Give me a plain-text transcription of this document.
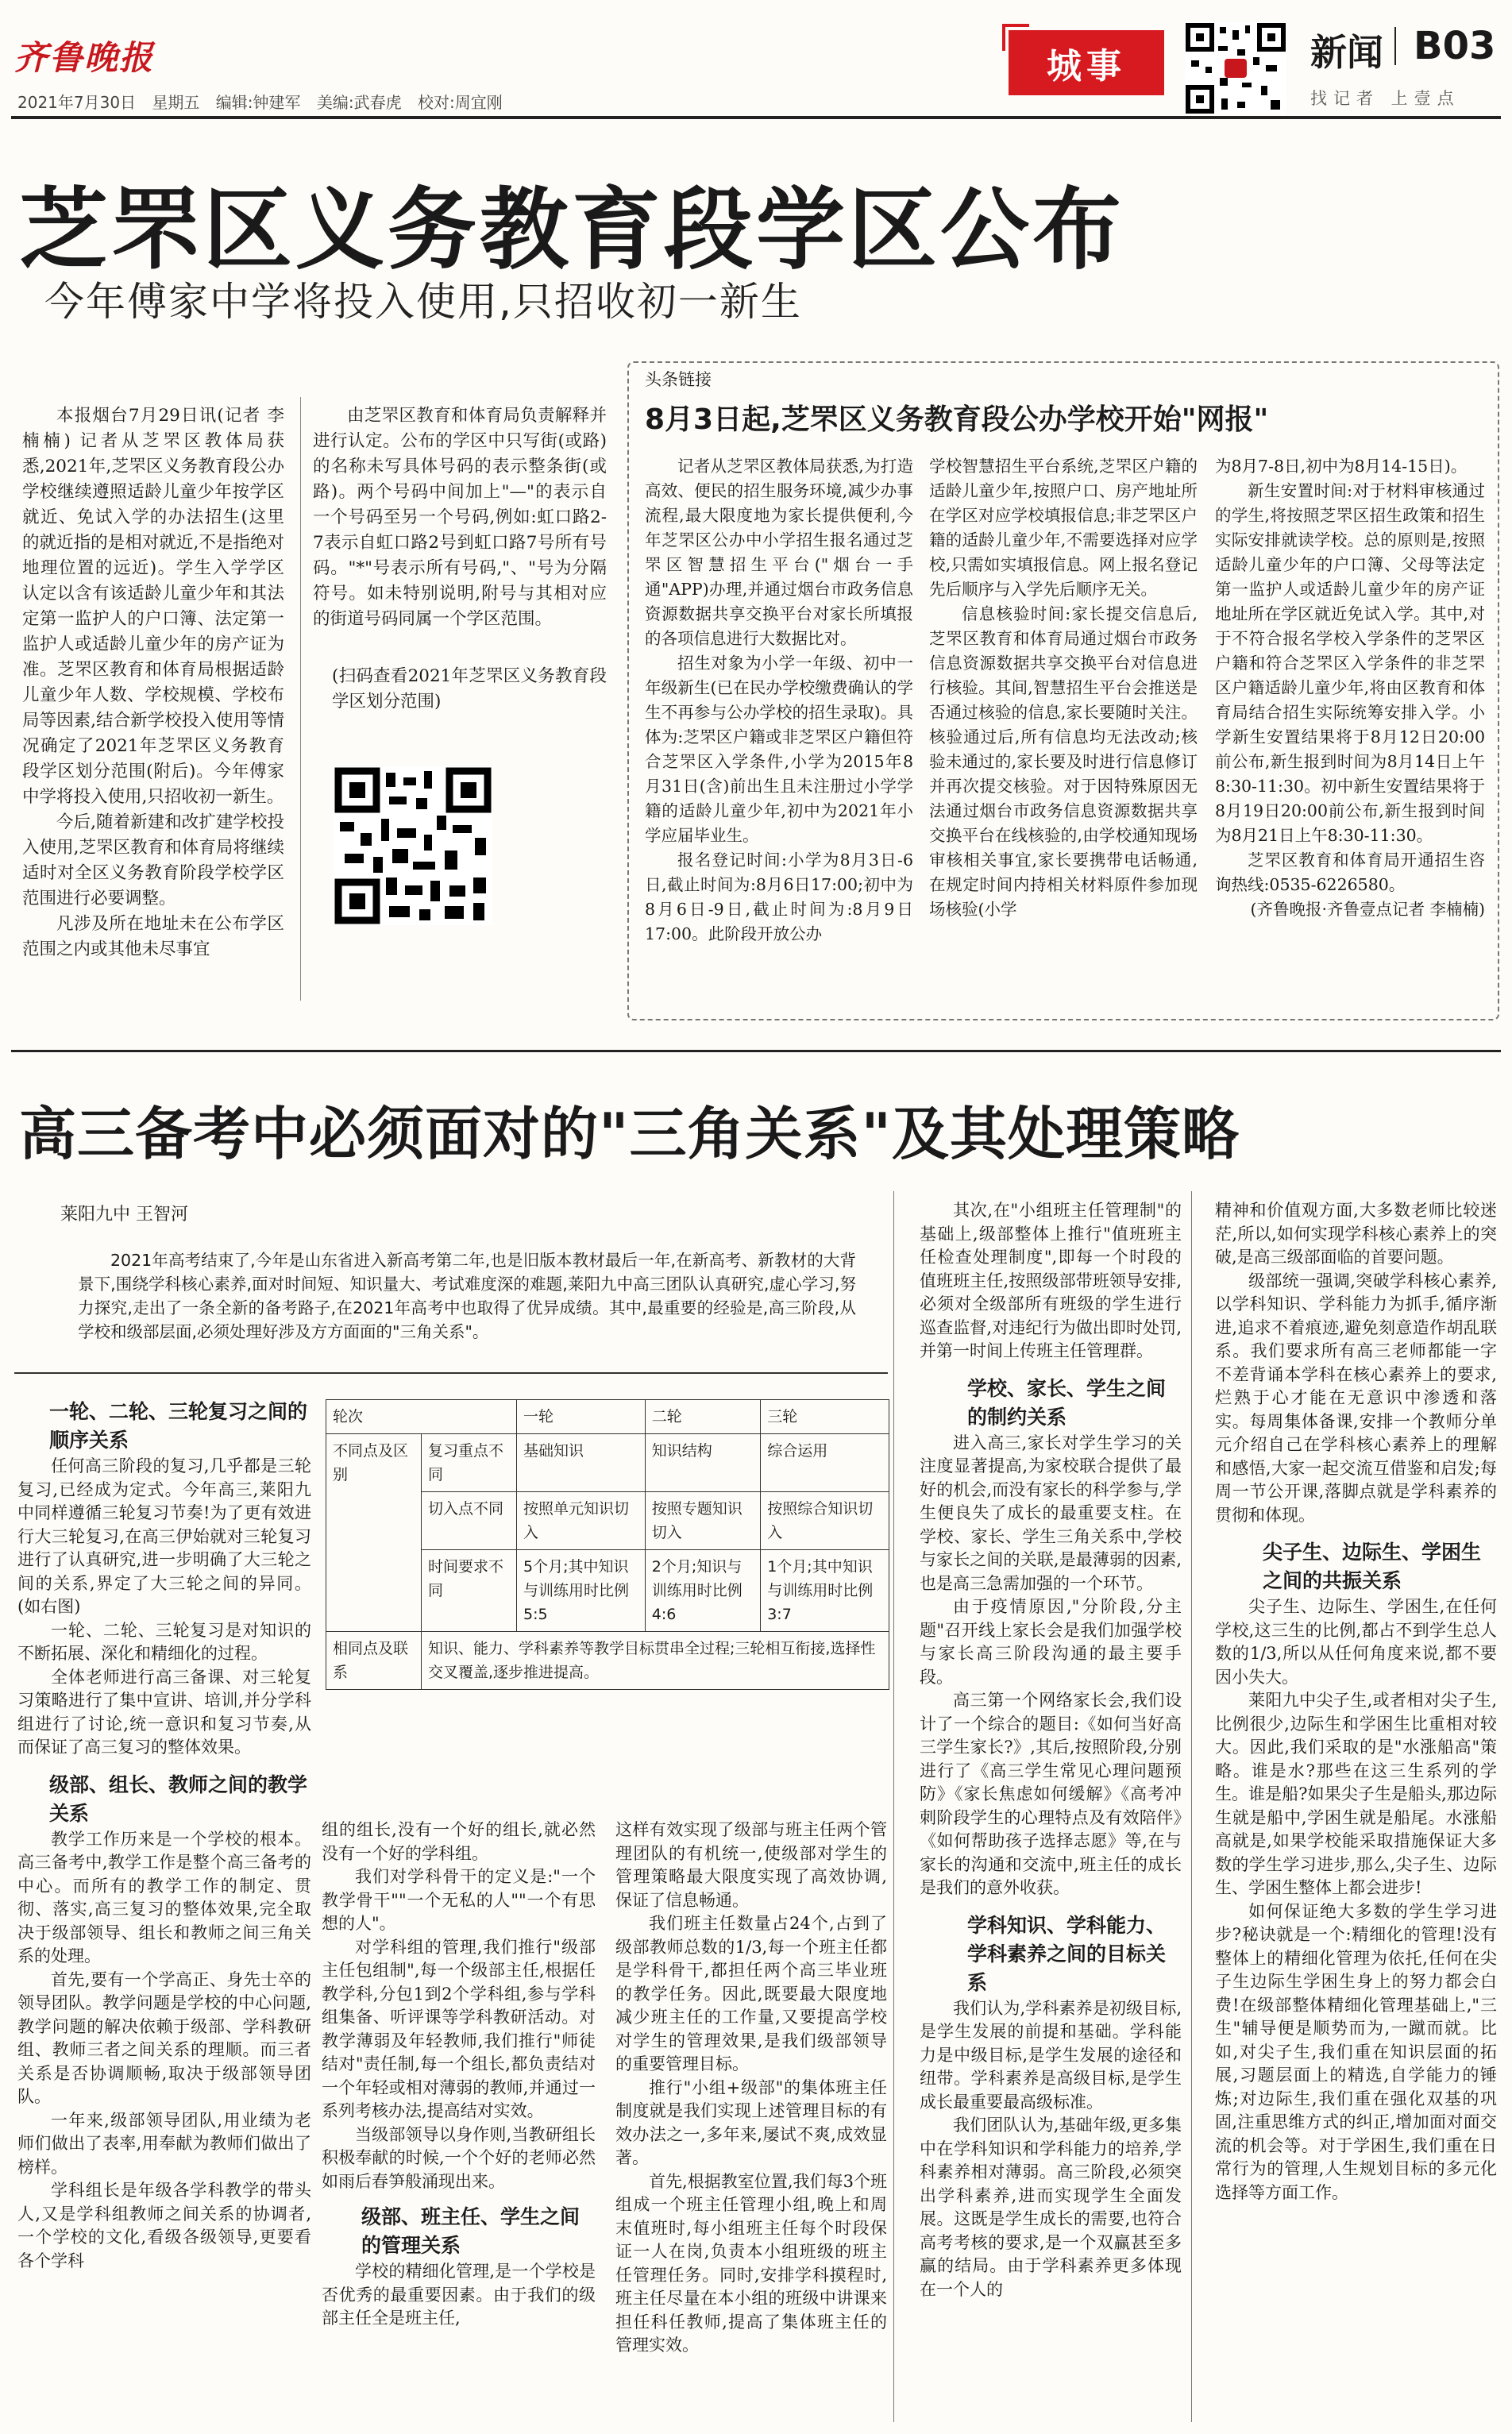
齐鲁晚报
2021年7月30日 星期五 编辑:钟建军 美编:武春虎 校对:周宜刚
城事	新闻 B03
找记者 上壹点
芝罘区义务教育段学区公布
今年傅家中学将投入使用,只招收初一新生

本报烟台7月29日讯(记者 李楠楠) 记者从芝罘区教体局获悉,2021年,芝罘区义务教育段公办学校继续遵照适龄儿童少年按学区就近、免试入学的办法招生(这里的就近指的是相对就近,不是指绝对地理位置的远近)。学生入学学区认定以含有该适龄儿童少年和其法定第一监护人的户口簿、法定第一监护人或适龄儿童少年的房产证为准。芝罘区教育和体育局根据适龄儿童少年人数、学校规模、学校布局等因素,结合新学校投入使用等情况确定了2021年芝罘区义务教育段学区划分范围(附后)。今年傅家中学将投入使用,只招收初一新生。

今后,随着新建和改扩建学校投入使用,芝罘区教育和体育局将继续适时对全区义务教育阶段学校学区范围进行必要调整。

凡涉及所在地址未在公布学区范围之内或其他未尽事宜

由芝罘区教育和体育局负责解释并进行认定。公布的学区中只写街(或路)的名称未写具体号码的表示整条街(或路)。两个号码中间加上"—"的表示自一个号码至另一个号码,例如:虹口路2-7表示自虹口路2号到虹口路7号所有号码。"*"号表示所有号码,"、"号为分隔符号。如未特别说明,附号与其相对应的街道号码同属一个学区范围。

(扫码查看2021年芝罘区义务教育段学区划分范围)

头条链接
8月3日起,芝罘区义务教育段公办学校开始"网报"

记者从芝罘区教体局获悉,为打造高效、便民的招生服务环境,减少办事流程,最大限度地为家长提供便利,今年芝罘区公办中小学招生报名通过芝罘区智慧招生平台("烟台一手通"APP)办理,并通过烟台市政务信息资源数据共享交换平台对家长所填报的各项信息进行大数据比对。

招生对象为小学一年级、初中一年级新生(已在民办学校缴费确认的学生不再参与公办学校的招生录取)。具体为:芝罘区户籍或非芝罘区户籍但符合芝罘区入学条件,小学为2015年8月31日(含)前出生且未注册过小学学籍的适龄儿童少年,初中为2021年小学应届毕业生。

报名登记时间:小学为8月3日-6日,截止时间为:8月6日17:00;初中为8月6日-9日,截止时间为:8月9日17:00。此阶段开放公办

学校智慧招生平台系统,芝罘区户籍的适龄儿童少年,按照户口、房产地址所在学区对应学校填报信息;非芝罘区户籍的适龄儿童少年,不需要选择对应学校,只需如实填报信息。网上报名登记先后顺序与入学先后顺序无关。

信息核验时间:家长提交信息后,芝罘区教育和体育局通过烟台市政务信息资源数据共享交换平台对信息进行核验。其间,智慧招生平台会推送是否通过核验的信息,家长要随时关注。核验通过后,所有信息均无法改动;核验未通过的,家长要及时进行信息修订并再次提交核验。对于因特殊原因无法通过烟台市政务信息资源数据共享交换平台在线核验的,由学校通知现场审核相关事宜,家长要携带电话畅通,在规定时间内持相关材料原件参加现场核验(小学

为8月7-8日,初中为8月14-15日)。

新生安置时间:对于材料审核通过的学生,将按照芝罘区招生政策和招生实际安排就读学校。总的原则是,按照适龄儿童少年的户口簿、父母等法定第一监护人或适龄儿童少年的房产证地址所在学区就近免试入学。其中,对于不符合报名学校入学条件的芝罘区户籍和符合芝罘区入学条件的非芝罘区户籍适龄儿童少年,将由区教育和体育局结合招生实际统筹安排入学。小学新生安置结果将于8月12日20:00前公布,新生报到时间为8月14日上午8:30-11:30。初中新生安置结果将于8月19日20:00前公布,新生报到时间为8月21日上午8:30-11:30。

芝罘区教育和体育局开通招生咨询热线:0535-6226580。

(齐鲁晚报·齐鲁壹点记者 李楠楠)

高三备考中必须面对的"三角关系"及其处理策略
莱阳九中 王智河

2021年高考结束了,今年是山东省进入新高考第二年,也是旧版本教材最后一年,在新高考、新教材的大背景下,围绕学科核心素养,面对时间短、知识量大、考试难度深的难题,莱阳九中高三团队认真研究,虚心学习,努力探究,走出了一条全新的备考路子,在2021年高考中也取得了优异成绩。其中,最重要的经验是,高三阶段,从学校和级部层面,必须处理好涉及方方面面的"三角关系"。

一轮、二轮、三轮复习之间的顺序关系

任何高三阶段的复习,几乎都是三轮复习,已经成为定式。今年高三,莱阳九中同样遵循三轮复习节奏!为了更有效进行大三轮复习,在高三伊始就对三轮复习进行了认真研究,进一步明确了大三轮之间的关系,界定了大三轮之间的异同。(如右图)

一轮、二轮、三轮复习是对知识的不断拓展、深化和精细化的过程。

全体老师进行高三备课、对三轮复习策略进行了集中宣讲、培训,并分学科组进行了讨论,统一意识和复习节奏,从而保证了高三复习的整体效果。

级部、组长、教师之间的教学关系

教学工作历来是一个学校的根本。高三备考中,教学工作是整个高三备考的中心。而所有的教学工作的制定、贯彻、落实,高三复习的整体效果,完全取决于级部领导、组长和教师之间三角关系的处理。

首先,要有一个学高正、身先士卒的领导团队。教学问题是学校的中心问题,教学问题的解决依赖于级部、学科教研组、教师三者之间关系的理顺。而三者关系是否协调顺畅,取决于级部领导团队。

一年来,级部领导团队,用业绩为老师们做出了表率,用奉献为教师们做出了榜样。

学科组长是年级各学科教学的带头人,又是学科组教师之间关系的协调者,一个学校的文化,看级各级领导,更要看各个学科

轮次		一轮	二轮	三轮
不同点及区别	复习重点不同	基础知识	知识结构	综合运用
	切入点不同	按照单元知识切入	按照专题知识切入	按照综合知识切入
	时间要求不同	5个月;其中知识与训练用时比例5:5	2个月;知识与训练用时比例4:6	1个月;其中知识与训练用时比例3:7
相同点及联系	知识、能力、学科素养等教学目标贯串全过程;三轮相互衔接,选择性交叉覆盖,逐步推进提高。			

组的组长,没有一个好的组长,就必然没有一个好的学科组。

我们对学科骨干的定义是:"一个教学骨干""一个无私的人""一个有思想的人"。

对学科组的管理,我们推行"级部主任包组制",每一个级部主任,根据任教学科,分包1到2个学科组,参与学科组集备、听评课等学科教研活动。对教学薄弱及年轻教师,我们推行"师徒结对"责任制,每一个组长,都负责结对一个年轻或相对薄弱的教师,并通过一系列考核办法,提高结对实效。

当级部领导以身作则,当教研组长积极奉献的时候,一个个好的老师必然如雨后春笋般涌现出来。

级部、班主任、学生之间的管理关系

学校的精细化管理,是一个学校是否优秀的最重要因素。由于我们的级部主任全是班主任,

这样有效实现了级部与班主任两个管理团队的有机统一,使级部对学生的管理策略最大限度实现了高效协调,保证了信息畅通。

我们班主任数量占24个,占到了级部教师总数的1/3,每一个班主任都是学科骨干,都担任两个高三毕业班的教学任务。因此,既要最大限度地减少班主任的工作量,又要提高学校对学生的管理效果,是我们级部领导的重要管理目标。

推行"小组+级部"的集体班主任制度就是我们实现上述管理目标的有效办法之一,多年来,屡试不爽,成效显著。

首先,根据教室位置,我们每3个班组成一个班主任管理小组,晚上和周末值班时,每小组班主任每个时段保证一人在岗,负责本小组班级的班主任管理任务。同时,安排学科摸程时,班主任尽量在本小组的班级中讲课来担任科任教师,提高了集体班主任的管理实效。

其次,在"小组班主任管理制"的基础上,级部整体上推行"值班班主任检查处理制度",即每一个时段的值班班主任,按照级部带班领导安排,必须对全级部所有班级的学生进行巡查监督,对违纪行为做出即时处罚,并第一时间上传班主任管理群。

学校、家长、学生之间的制约关系

进入高三,家长对学生学习的关注度显著提高,为家校联合提供了最好的机会,而没有家长的科学参与,学生便良失了成长的最重要支柱。在学校、家长、学生三角关系中,学校与家长之间的关联,是最薄弱的因素,也是高三急需加强的一个环节。

由于疫情原因,"分阶段,分主题"召开线上家长会是我们加强学校与家长高三阶段沟通的最主要手段。

高三第一个网络家长会,我们设计了一个综合的题目:《如何当好高三学生家长?》,其后,按照阶段,分别进行了《高三学生常见心理问题预防》《家长焦虑如何缓解》《高考冲刺阶段学生的心理特点及有效陪伴》《如何帮助孩子选择志愿》等,在与家长的沟通和交流中,班主任的成长是我们的意外收获。

学科知识、学科能力、学科素养之间的目标关系

我们认为,学科素养是初级目标,是学生发展的前提和基础。学科能力是中级目标,是学生发展的途径和纽带。学科素养是高级目标,是学生成长最重要最高级标准。

我们团队认为,基础年级,更多集中在学科知识和学科能力的培养,学科素养相对薄弱。高三阶段,必须突出学科素养,进而实现学生全面发展。这既是学生成长的需要,也符合高考考核的要求,是一个双赢甚至多赢的结局。由于学科素养更多体现在一个人的

精神和价值观方面,大多数老师比较迷茫,所以,如何实现学科核心素养上的突破,是高三级部面临的首要问题。

级部统一强调,突破学科核心素养,以学科知识、学科能力为抓手,循序渐进,追求不着痕迹,避免刻意造作胡乱联系。我们要求所有高三老师都能一字不差背诵本学科在核心素养上的要求,烂熟于心才能在无意识中渗透和落实。每周集体备课,安排一个教师分单元介绍自己在学科核心素养上的理解和感悟,大家一起交流互借鉴和启发;每周一节公开课,落脚点就是学科素养的贯彻和体现。

尖子生、边际生、学困生之间的共振关系

尖子生、边际生、学困生,在任何学校,这三生的比例,都占不到学生总人数的1/3,所以从任何角度来说,都不要因小失大。

莱阳九中尖子生,或者相对尖子生,比例很少,边际生和学困生比重相对较大。因此,我们采取的是"水涨船高"策略。谁是水?那些在这三生系列的学生。谁是船?如果尖子生是船头,那边际生就是船中,学困生就是船尾。水涨船高就是,如果学校能采取措施保证大多数的学生学习进步,那么,尖子生、边际生、学困生整体上都会进步!

如何保证绝大多数的学生学习进步?秘诀就是一个:精细化的管理!没有整体上的精细化管理为依托,任何在尖子生边际生学困生身上的努力都会白费!在级部整体精细化管理基础上,"三生"辅导便是顺势而为,一蹴而就。比如,对尖子生,我们重在知识层面的拓展,习题层面上的精选,自学能力的锤炼;对边际生,我们重在强化双基的巩固,注重思维方式的纠正,增加面对面交流的机会等。对于学困生,我们重在日常行为的管理,人生规划目标的多元化选择等方面工作。
